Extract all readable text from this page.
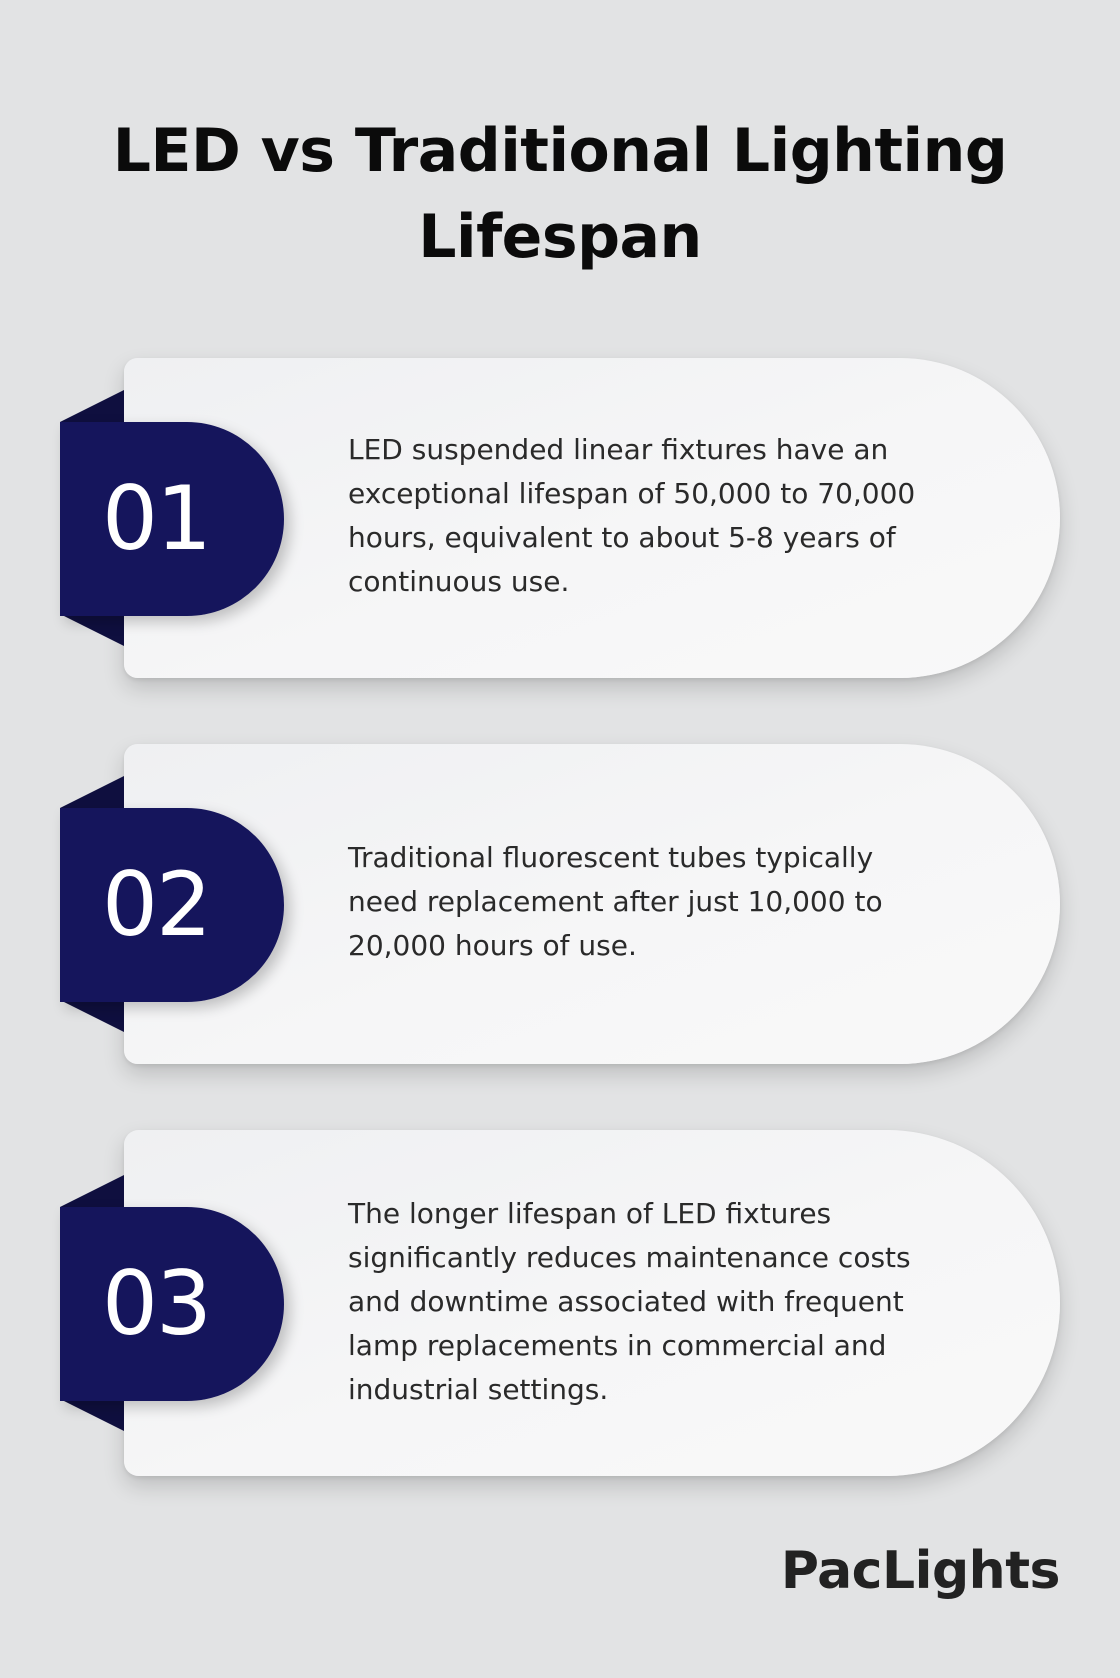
LED vs Traditional Lighting Lifespan
01

LED suspended linear fixtures have an exceptional lifespan of 50,000 to 70,000 hours, equivalent to about 5-8 years of continuous use.

02	Traditional fluorescent tubes typically need replacement after just 10,000 to 20,000 hours of use.

03

The longer lifespan of LED fixtures significantly reduces maintenance costs and downtime associated with frequent lamp replacements in commercial and industrial settings.

PacLights
